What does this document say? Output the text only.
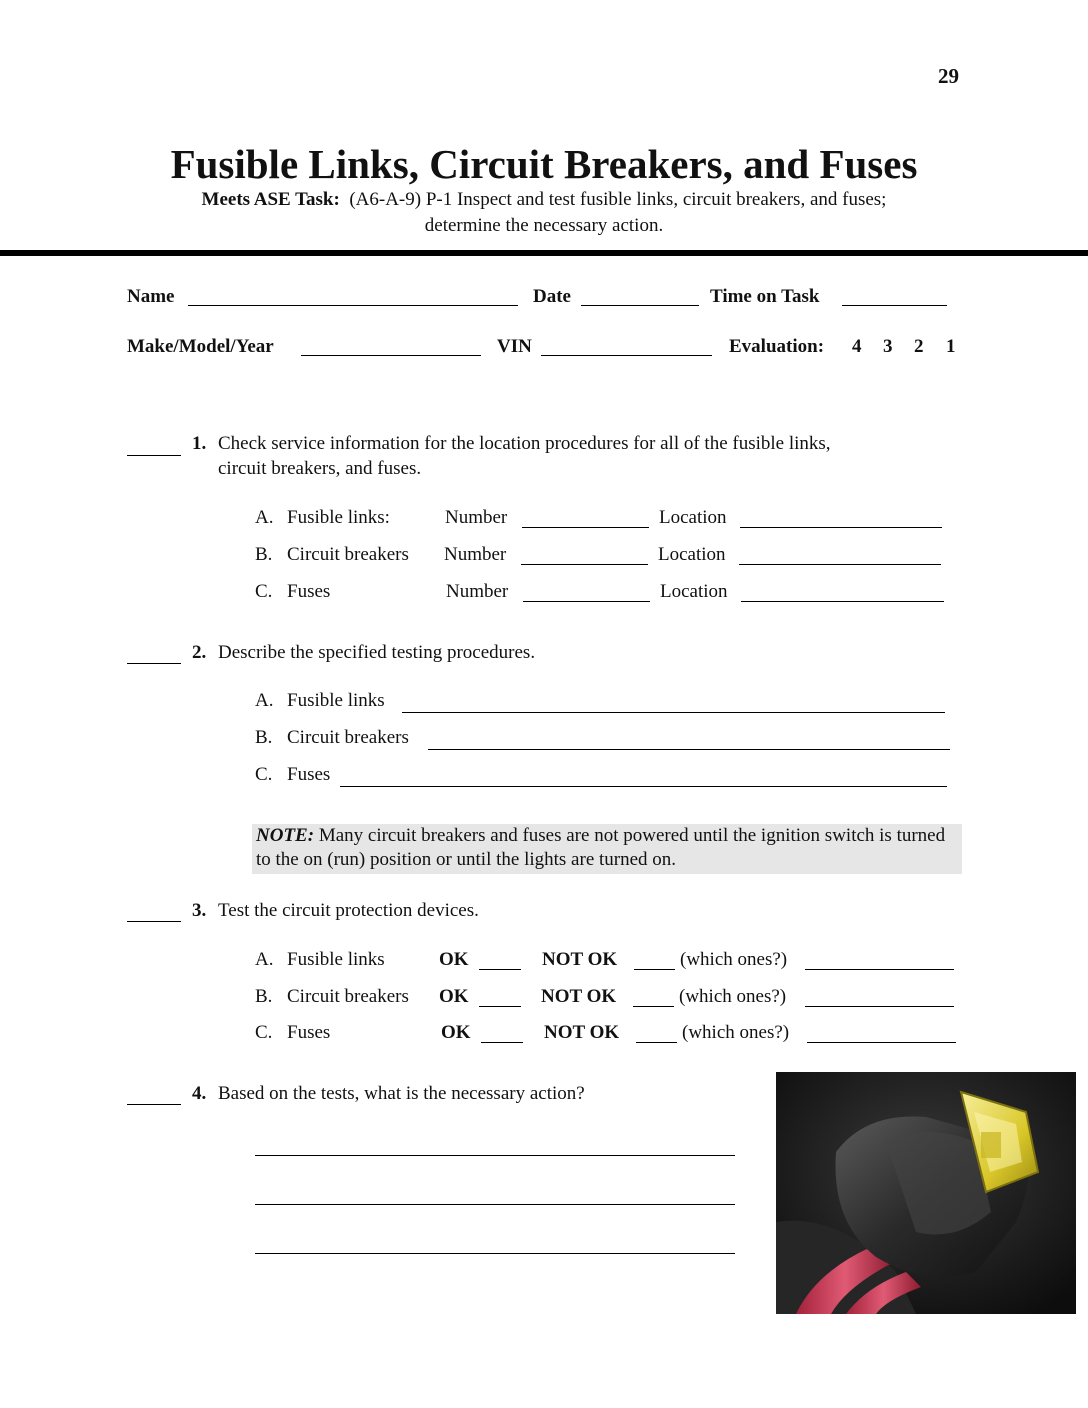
29
Fusible Links, Circuit Breakers, and Fuses
Meets ASE Task: (A6-A-9) P-1 Inspect and test fusible links, circuit breakers, and fuses;
determine the necessary action.
Name	Date	Time on Task
Make/Model/Year	VIN	Evaluation: 4 3 2 1
1. Check service information for the location procedures for all of the fusible links,
circuit breakers, and fuses.
A. Fusible links:	Number	Location
B. Circuit breakers Number	Location
C. Fuses	Number	Location
2. Describe the specified testing procedures.
A. Fusible links
B. Circuit breakers
C. Fuses
NOTE: Many circuit breakers and fuses are not powered until the ignition switch is turned to the on (run) position or until the lights are turned on.
3. Test the circuit protection devices.
A. Fusible links	OK	NOT OK	(which ones?)
B. Circuit breakers OK	NOT OK	(which ones?)
C. Fuses	OK	NOT OK	(which ones?)
4. Based on the tests, what is the necessary action?
